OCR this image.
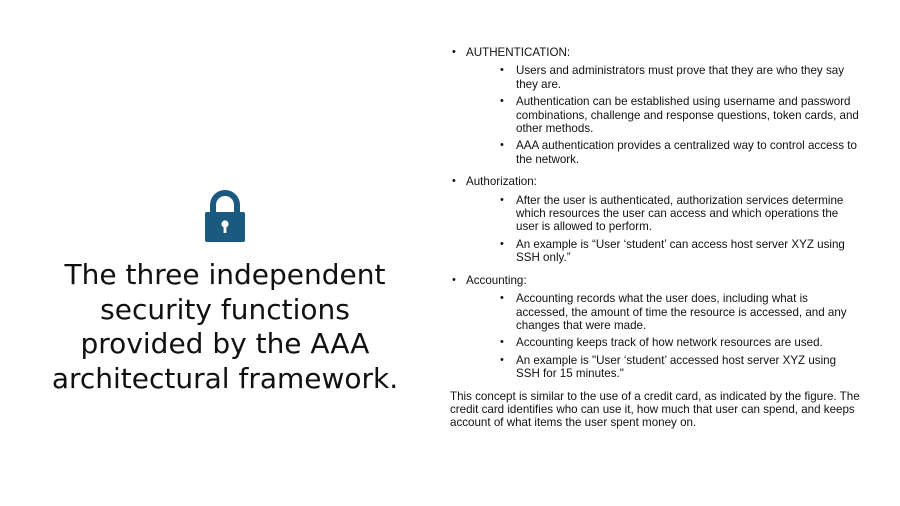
The three independent security functions provided by the AAA architectural framework.
• AUTHENTICATION:
• Users and administrators must prove that they are who they say they are.
• Authentication can be established using username and password combinations, challenge and response questions, token cards, and other methods.
• AAA authentication provides a centralized way to control access to the network.
• Authorization:
• After the user is authenticated, authorization services determine which resources the user can access and which operations the user is allowed to perform.
• An example is “User ‘student’ can access host server XYZ using SSH only.”
• Accounting:
• Accounting records what the user does, including what is accessed, the amount of time the resource is accessed, and any changes that were made.
• Accounting keeps track of how network resources are used.
• An example is "User ‘student’ accessed host server XYZ using SSH for 15 minutes."

This concept is similar to the use of a credit card, as indicated by the figure. The credit card identifies who can use it, how much that user can spend, and keeps account of what items the user spent money on.
